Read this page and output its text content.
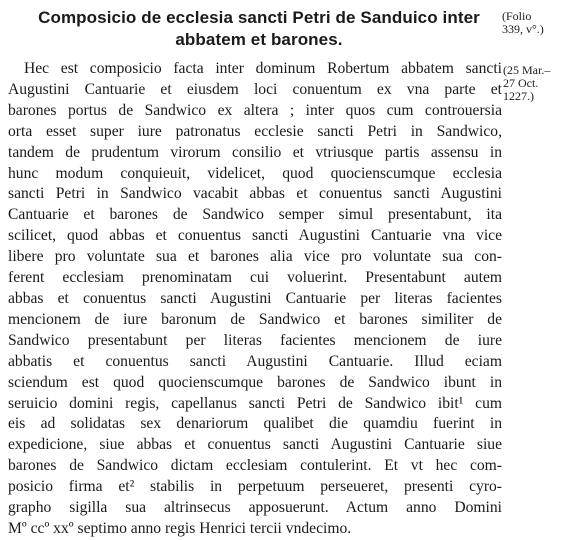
Composicio de ecclesia sancti Petri de Sanduico inter
abbatem et barones.

(Folio
339, v°.)

(25 Mar.–
27 Oct.
1227.)

Hec est composicio facta inter dominum Robertum abbatem sancti
Augustini Cantuarie et eiusdem loci conuentum ex vna parte et
barones portus de Sandwico ex altera ; inter quos cum controuersia
orta esset super iure patronatus ecclesie sancti Petri in Sandwico,
tandem de prudentum virorum consilio et vtriusque partis assensu in
hunc modum conquieuit, videlicet, quod quocienscumque ecclesia
sancti Petri in Sandwico vacabit abbas et conuentus sancti Augustini
Cantuarie et barones de Sandwico semper simul presentabunt, ita
scilicet, quod abbas et conuentus sancti Augustini Cantuarie vna vice
libere pro voluntate sua et barones alia vice pro voluntate sua con-
ferent ecclesiam prenominatam cui voluerint. Presentabunt autem
abbas et conuentus sancti Augustini Cantuarie per literas facientes
mencionem de iure baronum de Sandwico et barones similiter de
Sandwico presentabunt per literas facientes mencionem de iure
abbatis et conuentus sancti Augustini Cantuarie. Illud eciam
sciendum est quod quocienscumque barones de Sandwico ibunt in
seruicio domini regis, capellanus sancti Petri de Sandwico ibit¹ cum
eis ad solidatas sex denariorum qualibet die quamdiu fuerint in
expedicione, siue abbas et conuentus sancti Augustini Cantuarie siue
barones de Sandwico dictam ecclesiam contulerint. Et vt hec com-
posicio firma et² stabilis in perpetuum perseueret, presenti cyro-
grapho sigilla sua altrinsecus apposuerunt. Actum anno Domini
Mº ccº xxº septimo anno regis Henrici tercii vndecimo.
